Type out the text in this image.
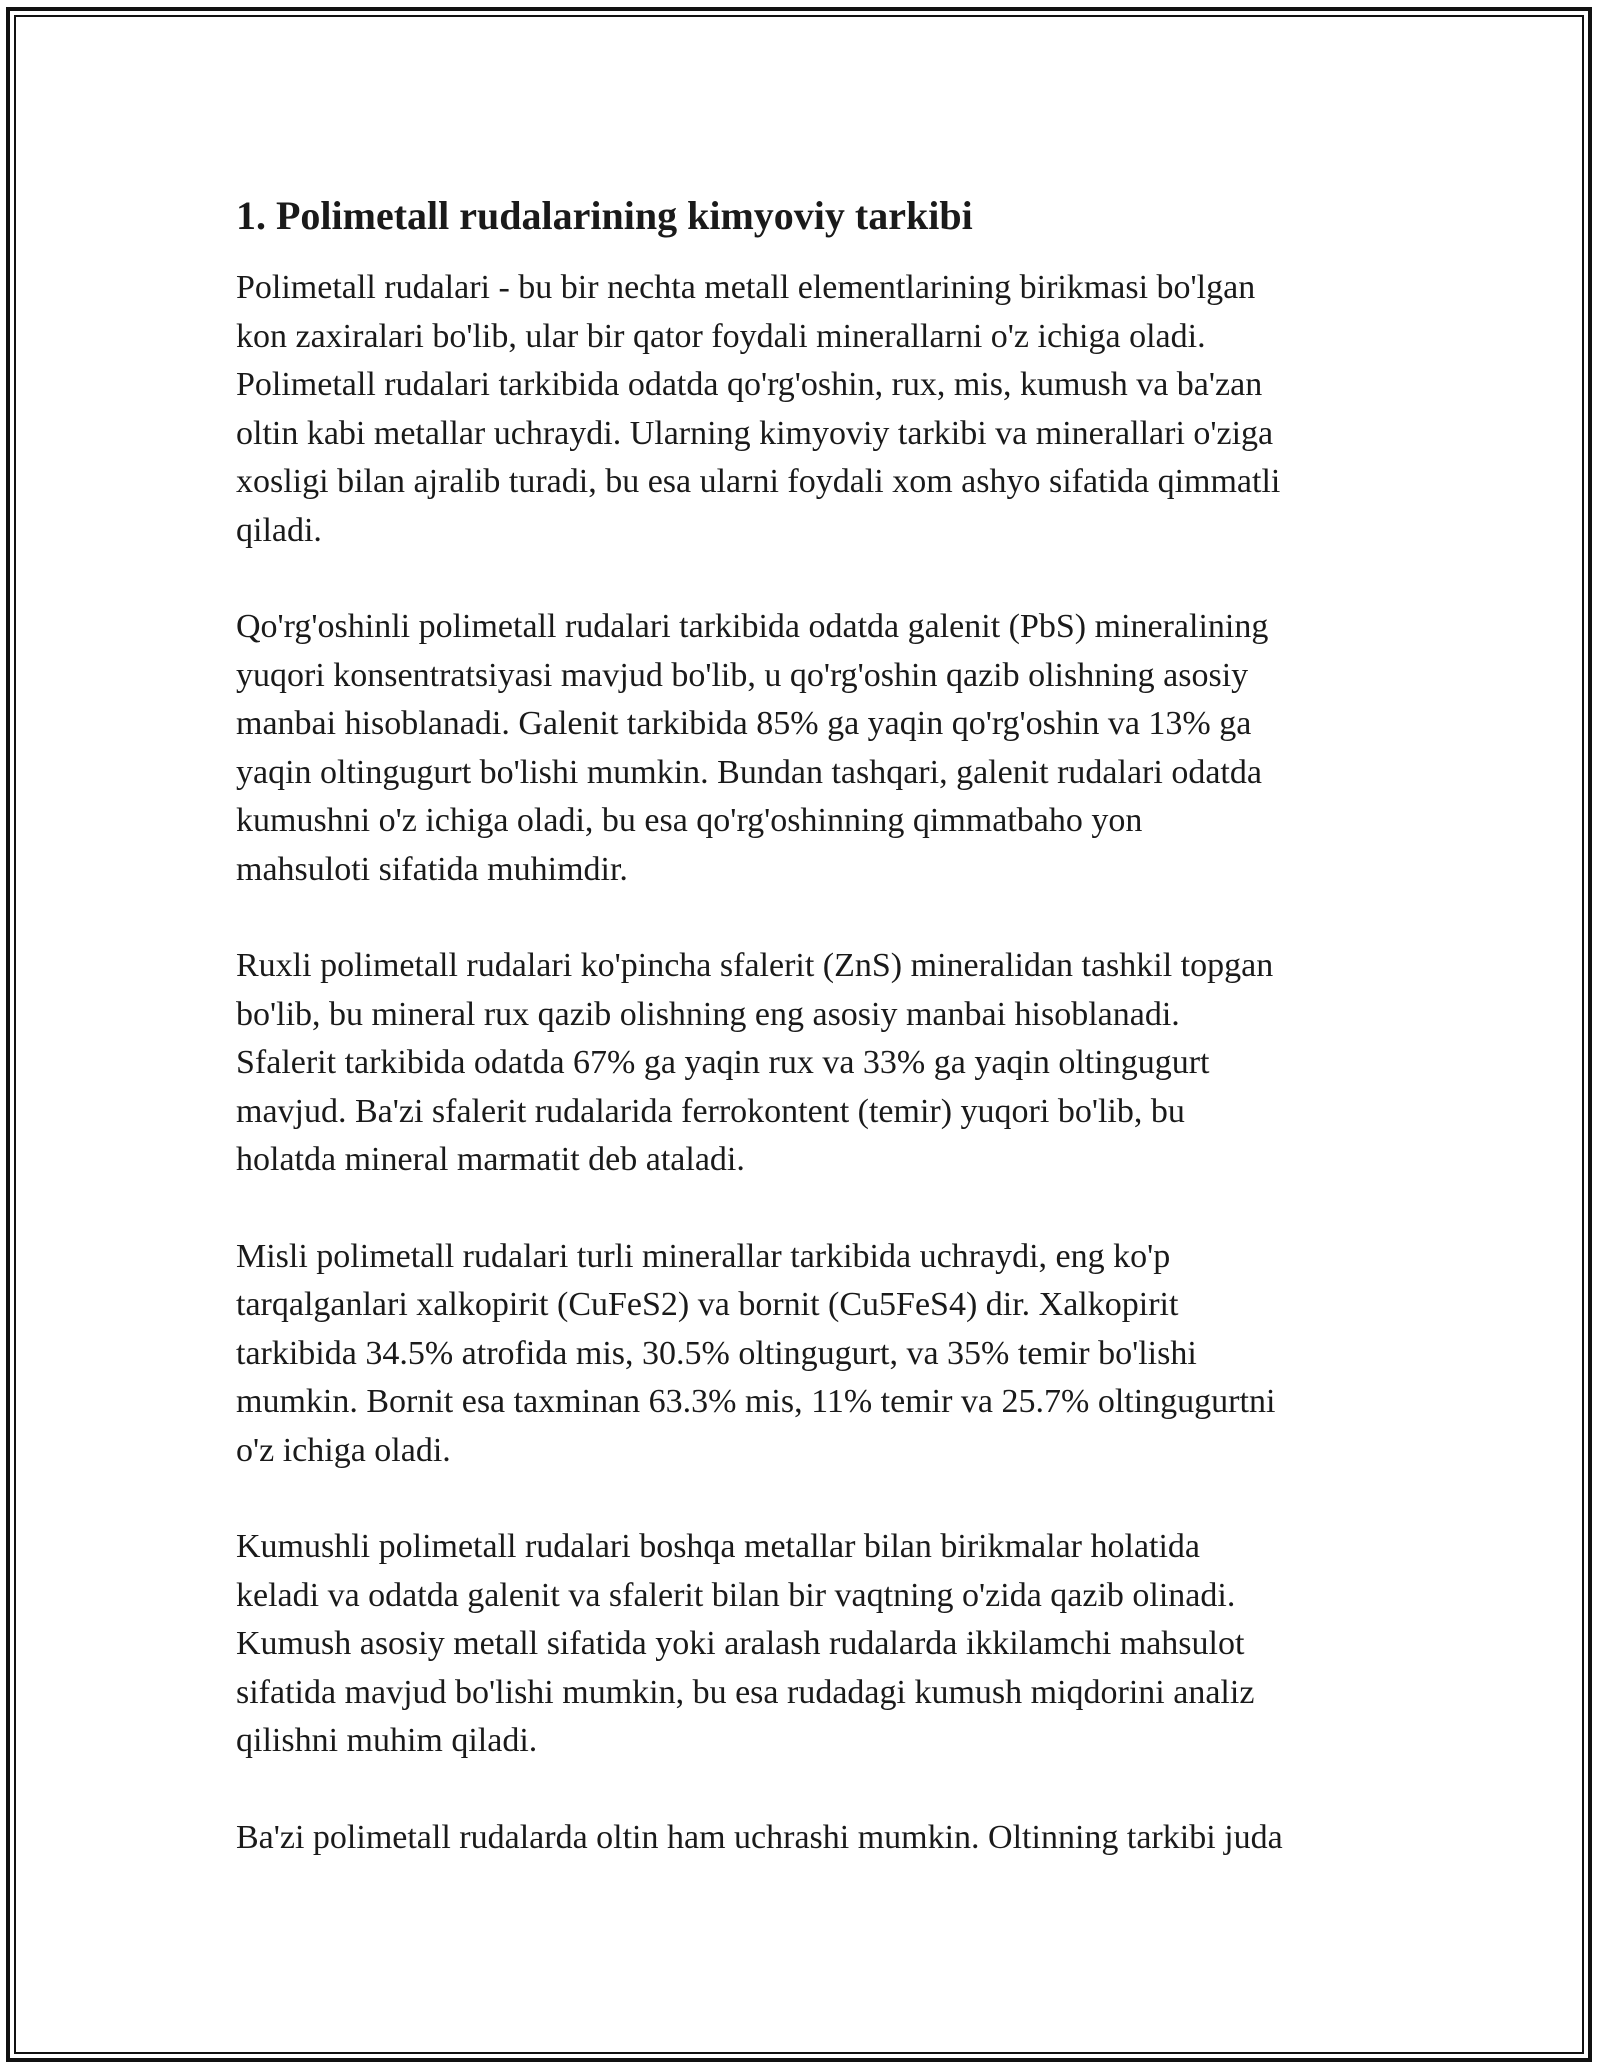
1. Polimetall rudalarining kimyoviy tarkibi

Polimetall rudalari - bu bir nechta metall elementlarining birikmasi bo'lgan
kon zaxiralari bo'lib, ular bir qator foydali minerallarni o'z ichiga oladi.
Polimetall rudalari tarkibida odatda qo'rg'oshin, rux, mis, kumush va ba'zan
oltin kabi metallar uchraydi. Ularning kimyoviy tarkibi va minerallari o'ziga
xosligi bilan ajralib turadi, bu esa ularni foydali xom ashyo sifatida qimmatli
qiladi.

Qo'rg'oshinli polimetall rudalari tarkibida odatda galenit (PbS) mineralining
yuqori konsentratsiyasi mavjud bo'lib, u qo'rg'oshin qazib olishning asosiy
manbai hisoblanadi. Galenit tarkibida 85% ga yaqin qo'rg'oshin va 13% ga
yaqin oltingugurt bo'lishi mumkin. Bundan tashqari, galenit rudalari odatda
kumushni o'z ichiga oladi, bu esa qo'rg'oshinning qimmatbaho yon
mahsuloti sifatida muhimdir.

Ruxli polimetall rudalari ko'pincha sfalerit (ZnS) mineralidan tashkil topgan
bo'lib, bu mineral rux qazib olishning eng asosiy manbai hisoblanadi.
Sfalerit tarkibida odatda 67% ga yaqin rux va 33% ga yaqin oltingugurt
mavjud. Ba'zi sfalerit rudalarida ferrokontent (temir) yuqori bo'lib, bu
holatda mineral marmatit deb ataladi.

Misli polimetall rudalari turli minerallar tarkibida uchraydi, eng ko'p
tarqalganlari xalkopirit (CuFeS2) va bornit (Cu5FeS4) dir. Xalkopirit
tarkibida 34.5% atrofida mis, 30.5% oltingugurt, va 35% temir bo'lishi
mumkin. Bornit esa taxminan 63.3% mis, 11% temir va 25.7% oltingugurtni
o'z ichiga oladi.

Kumushli polimetall rudalari boshqa metallar bilan birikmalar holatida
keladi va odatda galenit va sfalerit bilan bir vaqtning o'zida qazib olinadi.
Kumush asosiy metall sifatida yoki aralash rudalarda ikkilamchi mahsulot
sifatida mavjud bo'lishi mumkin, bu esa rudadagi kumush miqdorini analiz
qilishni muhim qiladi.

Ba'zi polimetall rudalarda oltin ham uchrashi mumkin. Oltinning tarkibi juda
